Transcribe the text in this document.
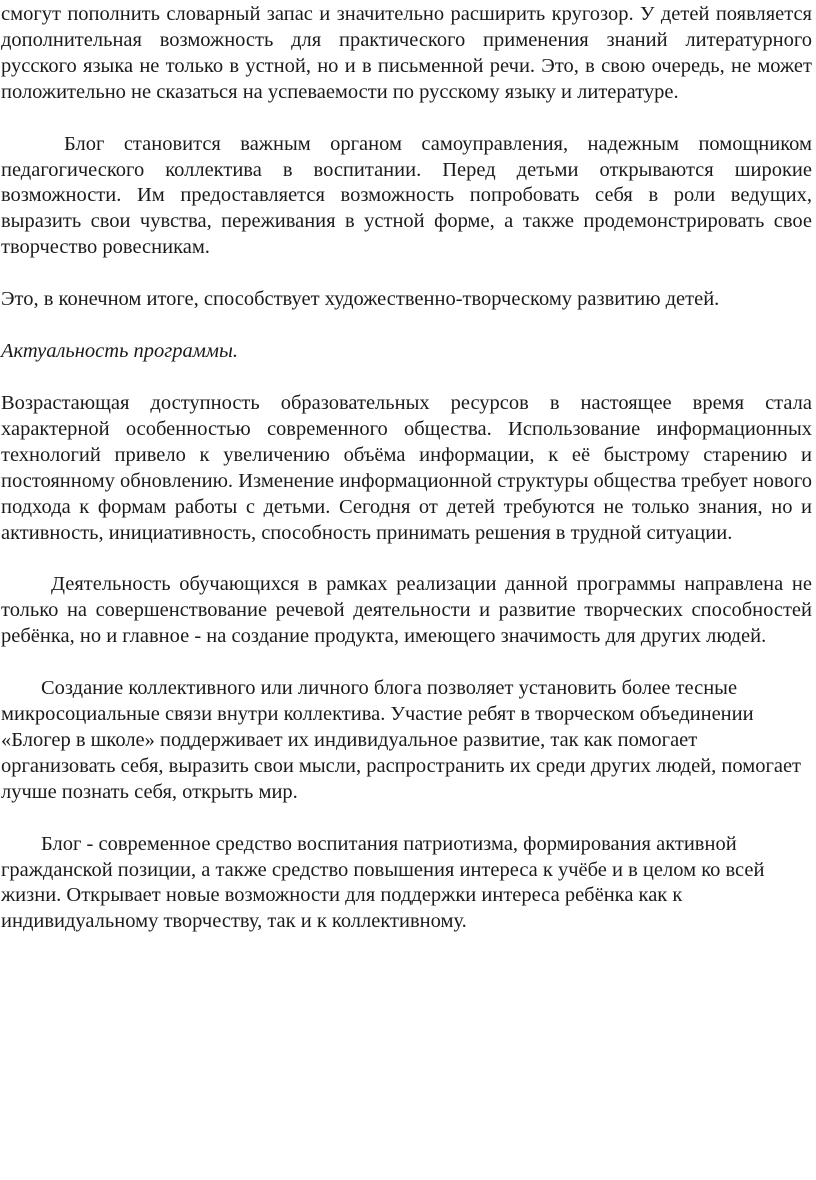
смогут пополнить словарный запас и значительно расширить кругозор. У детей появляется дополнительная возможность для практического применения знаний литературного русского языка не только в устной, но и в письменной речи. Это, в свою очередь, не может положительно не сказаться на успеваемости по русскому языку и литературе.

Блог становится важным органом самоуправления, надежным помощником педагогического коллектива в воспитании. Перед детьми открываются широкие возможности. Им предоставляется возможность попробовать себя в роли ведущих, выразить свои чувства, переживания в устной форме, а также продемонстрировать свое творчество ровесникам.

Это, в конечном итоге, способствует художественно-творческому развитию детей.

Актуальность программы.

Возрастающая доступность образовательных ресурсов в настоящее время стала характерной особенностью современного общества. Использование информационных технологий привело к увеличению объёма информации, к её быстрому старению и постоянному обновлению. Изменение информационной структуры общества требует нового подхода к формам работы с детьми. Сегодня от детей требуются не только знания, но и активность, инициативность, способность принимать решения в трудной ситуации.

Деятельность обучающихся в рамках реализации данной программы направлена не только на совершенствование речевой деятельности и развитие творческих способностей ребёнка, но и главное - на создание продукта, имеющего значимость для других людей.

Создание коллективного или личного блога позволяет установить более тесные микросоциальные связи внутри коллектива. Участие ребят в творческом объединении «Блогер в школе» поддерживает их индивидуальное развитие, так как помогает организовать себя, выразить свои мысли, распространить их среди других людей, помогает лучше познать себя, открыть мир.

Блог - современное средство воспитания патриотизма, формирования активной гражданской позиции, а также средство повышения интереса к учёбе и в целом ко всей жизни. Открывает новые возможности для поддержки интереса ребёнка как к индивидуальному творчеству, так и к коллективному.
